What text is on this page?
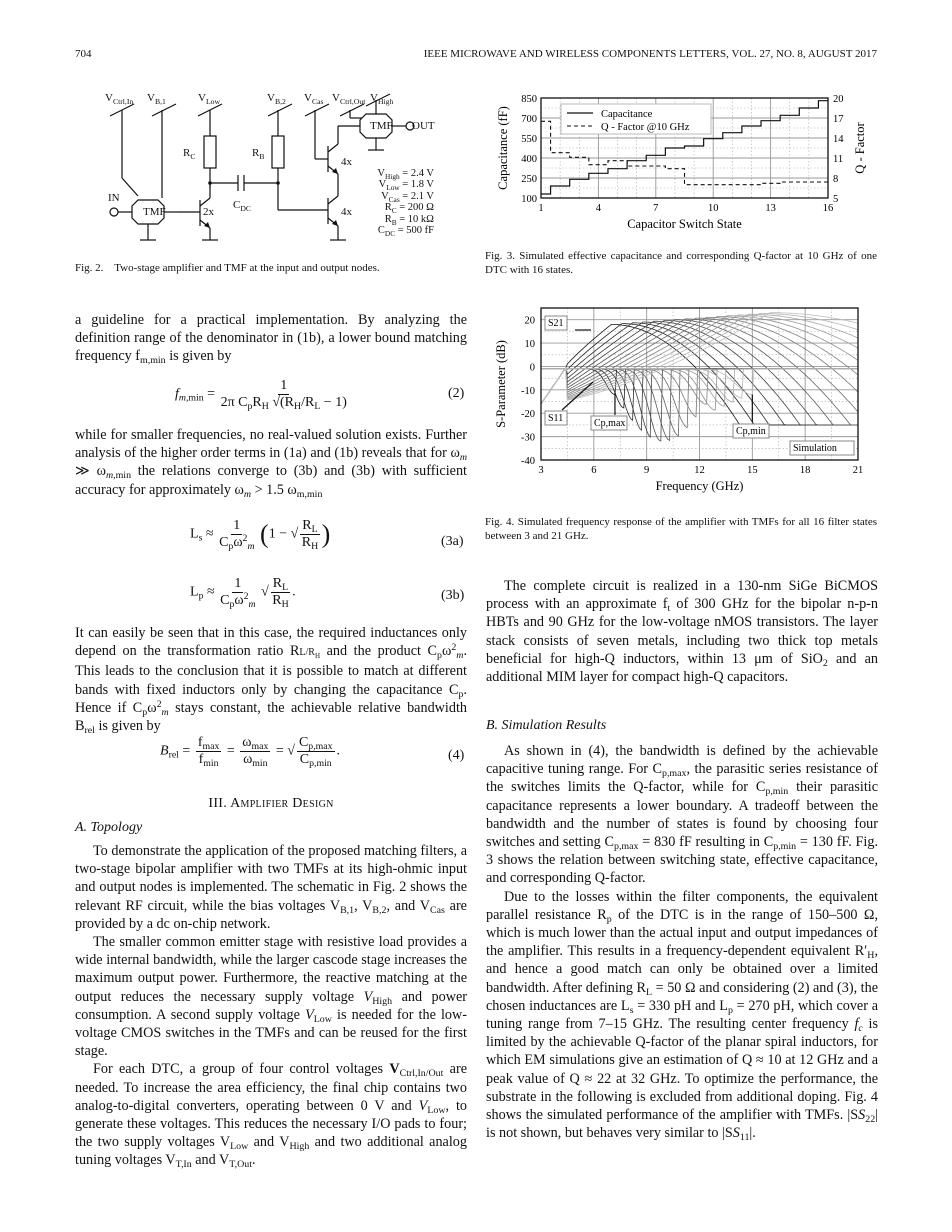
704	IEEE MICROWAVE AND WIRELESS COMPONENTS LETTERS, VOL. 27, NO. 8, AUGUST 2017
$V_{Ctrl,In}$ $V_{B,1}$	$V_{Low}$	$V_{B,2}$ $V_{Cas}$ $V_{Ctrl,Out}$ $V_{High}$
OUT
IN
TMF
TMF
$R_C$	$R_B$
$C_{DC}$
2x
4x
4x
$V_{High} = 2.4$ V
$V_{Low} = 1.8$ V
$V_{Cas} = 2.1$ V
$R_C = 200$ Ω
$R_B = 10$ kΩ
$C_{DC} = 500$ fF
Fig. 2.    Two-stage amplifier and TMF at the input and output nodes.
1	4	7	10	13	16
100
250
400
550
700
850
5
8
11
14
17
20
Capacitance
Q - Factor @10 GHz
Capacitor Switch State
Capacitance (fF)	Q - Factor
Fig. 3. Simulated effective capacitance and corresponding Q-factor at 10 GHz of one DTC with 16 states.
3	6	9	12	15	18	21
-40
-30
-20
-10
0
10
20 S21
S11	Cp,max
Cp,min
Simulation
Frequency (GHz)
S-Parameter (dB)
Fig. 4. Simulated frequency response of the amplifier with TMFs for all 16 filter states between 3 and 21 GHz.

a guideline for a practical implementation. By analyzing the definition range of the denominator in (1b), a lower bound matching frequency $f_{m,min}$ is given by

$f_{m,min} = \frac{1}{2\pi C_pR_H √(R_H/R_L - 1)}$	(2)

while for smaller frequencies, no real-valued solution exists. Further analysis of the higher order terms in (1a) and (1b) reveals that for $\omega_m$ ≫ $\omega_{m,min}$ the relations converge to (3b) and (3b) with sufficient accuracy for approximately $\omega_m > 1.5$ $\omega_{m,min}$

$L_s \approx \frac{1}{C_p\omega^2_m} (1$ − √ $\frac{R_L}{R_H}$ )	(3a)
$L_p \approx \frac{1}{C_p\omega^2_m}$ √ $\frac{R_L}{R_H}$ .	(3b)

It can easily be seen that in this case, the required inductances only depend on the transformation ratio $RL/R_H$ and the product $C_p\omega^2_m$. This leads to the conclusion that it is possible to match at different bands with fixed inductors only by changing the capacitance $C_p$. Hence if $C_p\omega^2_m$ stays constant, the achievable relative bandwidth $B_{rel}$ is given by

$B_{rel} = \frac{f_{max}}{f_{min}} = \frac{\omega_{max}}{\omega_{min}}$ = √ $\frac{C_{p,max}}{C_{p,min}}$ .	(4)
III. Amplifier Design
A. Topology

To demonstrate the application of the proposed matching filters, a two-stage bipolar amplifier with two TMFs at its high-ohmic input and output nodes is implemented. The schematic in Fig. 2 shows the relevant RF circuit, while the bias voltages $V_{B,1}$, $V_{B,2}$, and $V_{Cas}$ are provided by a dc on-chip network.

The smaller common emitter stage with resistive load provides a wide internal bandwidth, while the larger cascode stage increases the maximum output power. Furthermore, the reactive matching at the output reduces the necessary supply voltage $V_{High}$ and power consumption. A second supply voltage $V_{Low}$ is needed for the low-voltage CMOS switches in the TMFs and can be reused for the first stage.

For each DTC, a group of four control voltages $V_{Ctrl,In/Out}$ are needed. To increase the area efficiency, the final chip contains two analog-to-digital converters, operating between 0 V and $V_{Low}$, to generate these voltages. This reduces the necessary I/O pads to four; the two supply voltages $V_{Low}$ and $V_{High}$ and two additional analog tuning voltages $V_{T,In}$ and $V_{T,Out}$.

The complete circuit is realized in a 130-nm SiGe BiCMOS process with an approximate $f_t$ of 300 GHz for the bipolar n-p-n HBTs and 90 GHz for the low-voltage nMOS transistors. The layer stack consists of seven metals, including two thick top metals beneficial for high-Q inductors, within 13 μm of SiO$_2$ and an additional MIM layer for compact high-Q capacitors.

B. Simulation Results

As shown in (4), the bandwidth is defined by the achievable capacitive tuning range. For $C_{p,max}$, the parasitic series resistance of the switches limits the Q-factor, while for $C_{p,min}$ their parasitic capacitance represents a lower boundary. A tradeoff between the bandwidth and the number of states is found by choosing four switches and setting $C_{p,max} = 830$ fF resulting in $C_{p,min} = 130$ fF. Fig. 3 shows the relation between switching state, effective capacitance, and corresponding Q-factor.

Due to the losses within the filter components, the equivalent parallel resistance $R_p$ of the DTC is in the range of 150–500 Ω, which is much lower than the actual input and output impedances of the amplifier. This results in a frequency-dependent equivalent $R'_H$, and hence a good match can only be obtained over a limited bandwidth. After defining $R_L = 50$ Ω and considering (2) and (3), the chosen inductances are $L_s = 330$ pH and $L_p = 270$ pH, which cover a tuning range from 7–15 GHz. The resulting center frequency $f_c$ is limited by the achievable Q-factor of the planar spiral inductors, for which EM simulations give an estimation of Q ≈ 10 at 12 GHz and a peak value of Q ≈ 22 at 32 GHz. To optimize the performance, the substrate in the following is excluded from additional doping. Fig. 4 shows the simulated performance of the amplifier with TMFs. $|SS_{22}|$ is not shown, but behaves very similar to $|SS_{11}|$.
